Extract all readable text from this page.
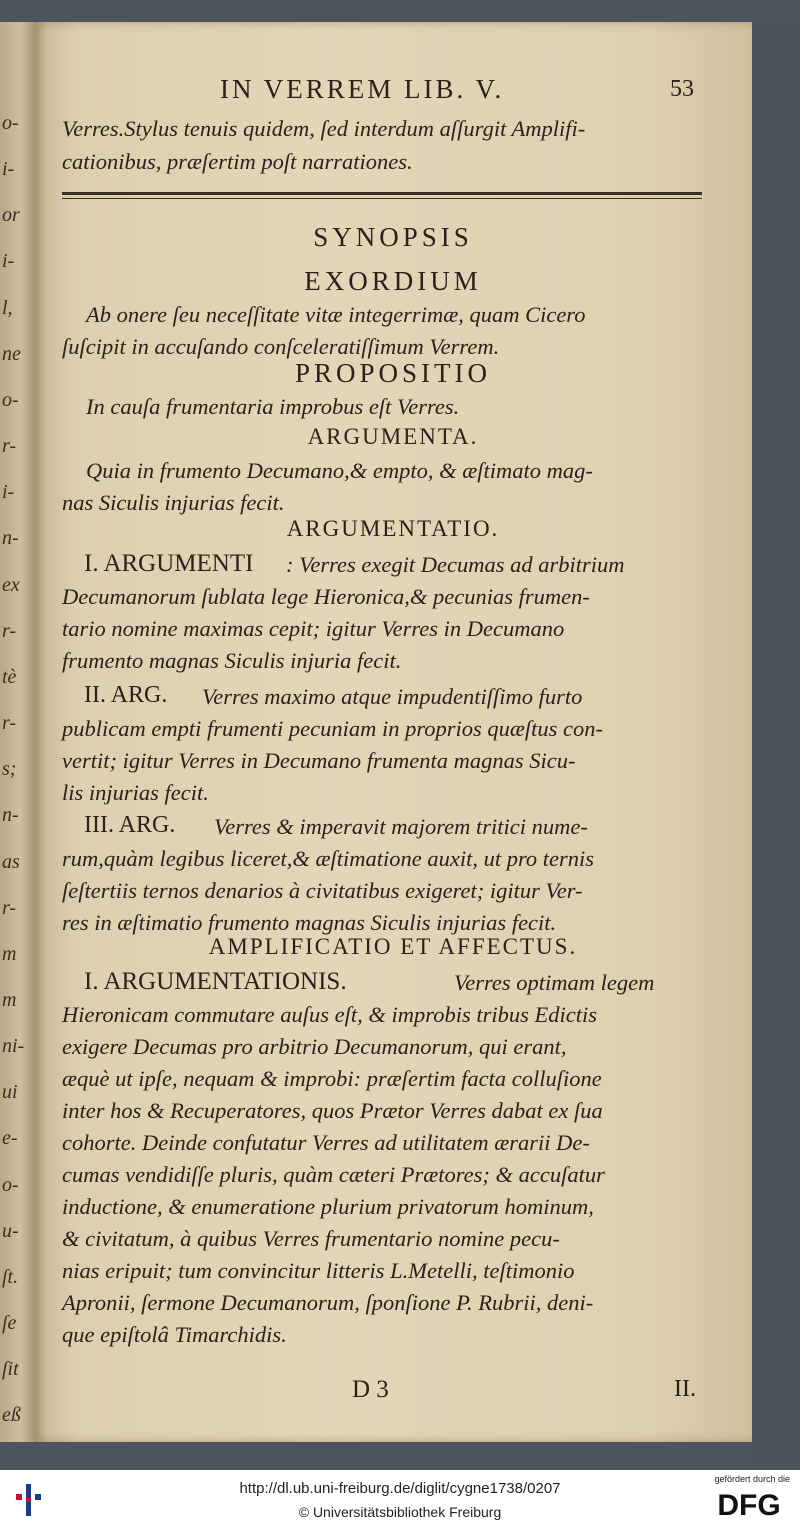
o-
i-
or
i-
l,
ne
o-
r-
i-
n-
ex
r-
tè
r-
s;
n-
as
r-
m
m
ni-
ui
e-
o-
u-
ſt.
ſe
ſit
eß
IN VERREM LIB. V.	53
Verres.Stylus tenuis quidem, ſed interdum aſſurgit Amplifi-
cationibus, præſertim poſt narrationes.
SYNOPSIS
EXORDIUM
Ab onere ſeu neceſſitate vitæ integerrimæ, quam Cicero
ſuſcipit in accuſando conſceleratiſſimum Verrem.
PROPOSITIO
In cauſa frumentaria improbus eſt Verres.
ARGUMENTA.
Quia in frumento Decumano,& empto, & æſtimato mag-
nas Siculis injurias fecit.
ARGUMENTATIO.
I. ARGUMENTI : Verres exegit Decumas ad arbitrium
Decumanorum ſublata lege Hieronica,& pecunias frumen-
tario nomine maximas cepit; igitur Verres in Decumano
frumento magnas Siculis injuria fecit.
II. ARG. Verres maximo atque impudentiſſimo furto
publicam empti frumenti pecuniam in proprios quæſtus con-
vertit; igitur Verres in Decumano frumenta magnas Sicu-
lis injurias fecit.
III. ARG. Verres & imperavit majorem tritici nume-
rum,quàm legibus liceret,& æſtimatione auxit, ut pro ternis
ſeſtertiis ternos denarios à civitatibus exigeret; igitur Ver-
res in æſtimatio frumento magnas Siculis injurias fecit.
AMPLIFICATIO ET AFFECTUS.
I. ARGUMENTATIONIS.	Verres optimam legem
Hieronicam commutare auſus eſt, & improbis tribus Edictis
exigere Decumas pro arbitrio Decumanorum, qui erant,
æquè ut ipſe, nequam & improbi: præſertim facta colluſione
inter hos & Recuperatores, quos Prætor Verres dabat ex ſua
cohorte. Deinde confutatur Verres ad utilitatem ærarii De-
cumas vendidiſſe pluris, quàm cæteri Prætores; & accuſatur
inductione, & enumeratione plurium privatorum hominum,
& civitatum, à quibus Verres frumentario nomine pecu-
nias eripuit; tum convincitur litteris L.Metelli, teſtimonio
Apronii, ſermone Decumanorum, ſponſione P. Rubrii, deni-
que epiſtolâ Timarchidis.
D 3	II.
http://dl.ub.uni-freiburg.de/diglit/cygne1738/0207
© Universitätsbibliothek Freiburg
gefördert durch die
DFG
